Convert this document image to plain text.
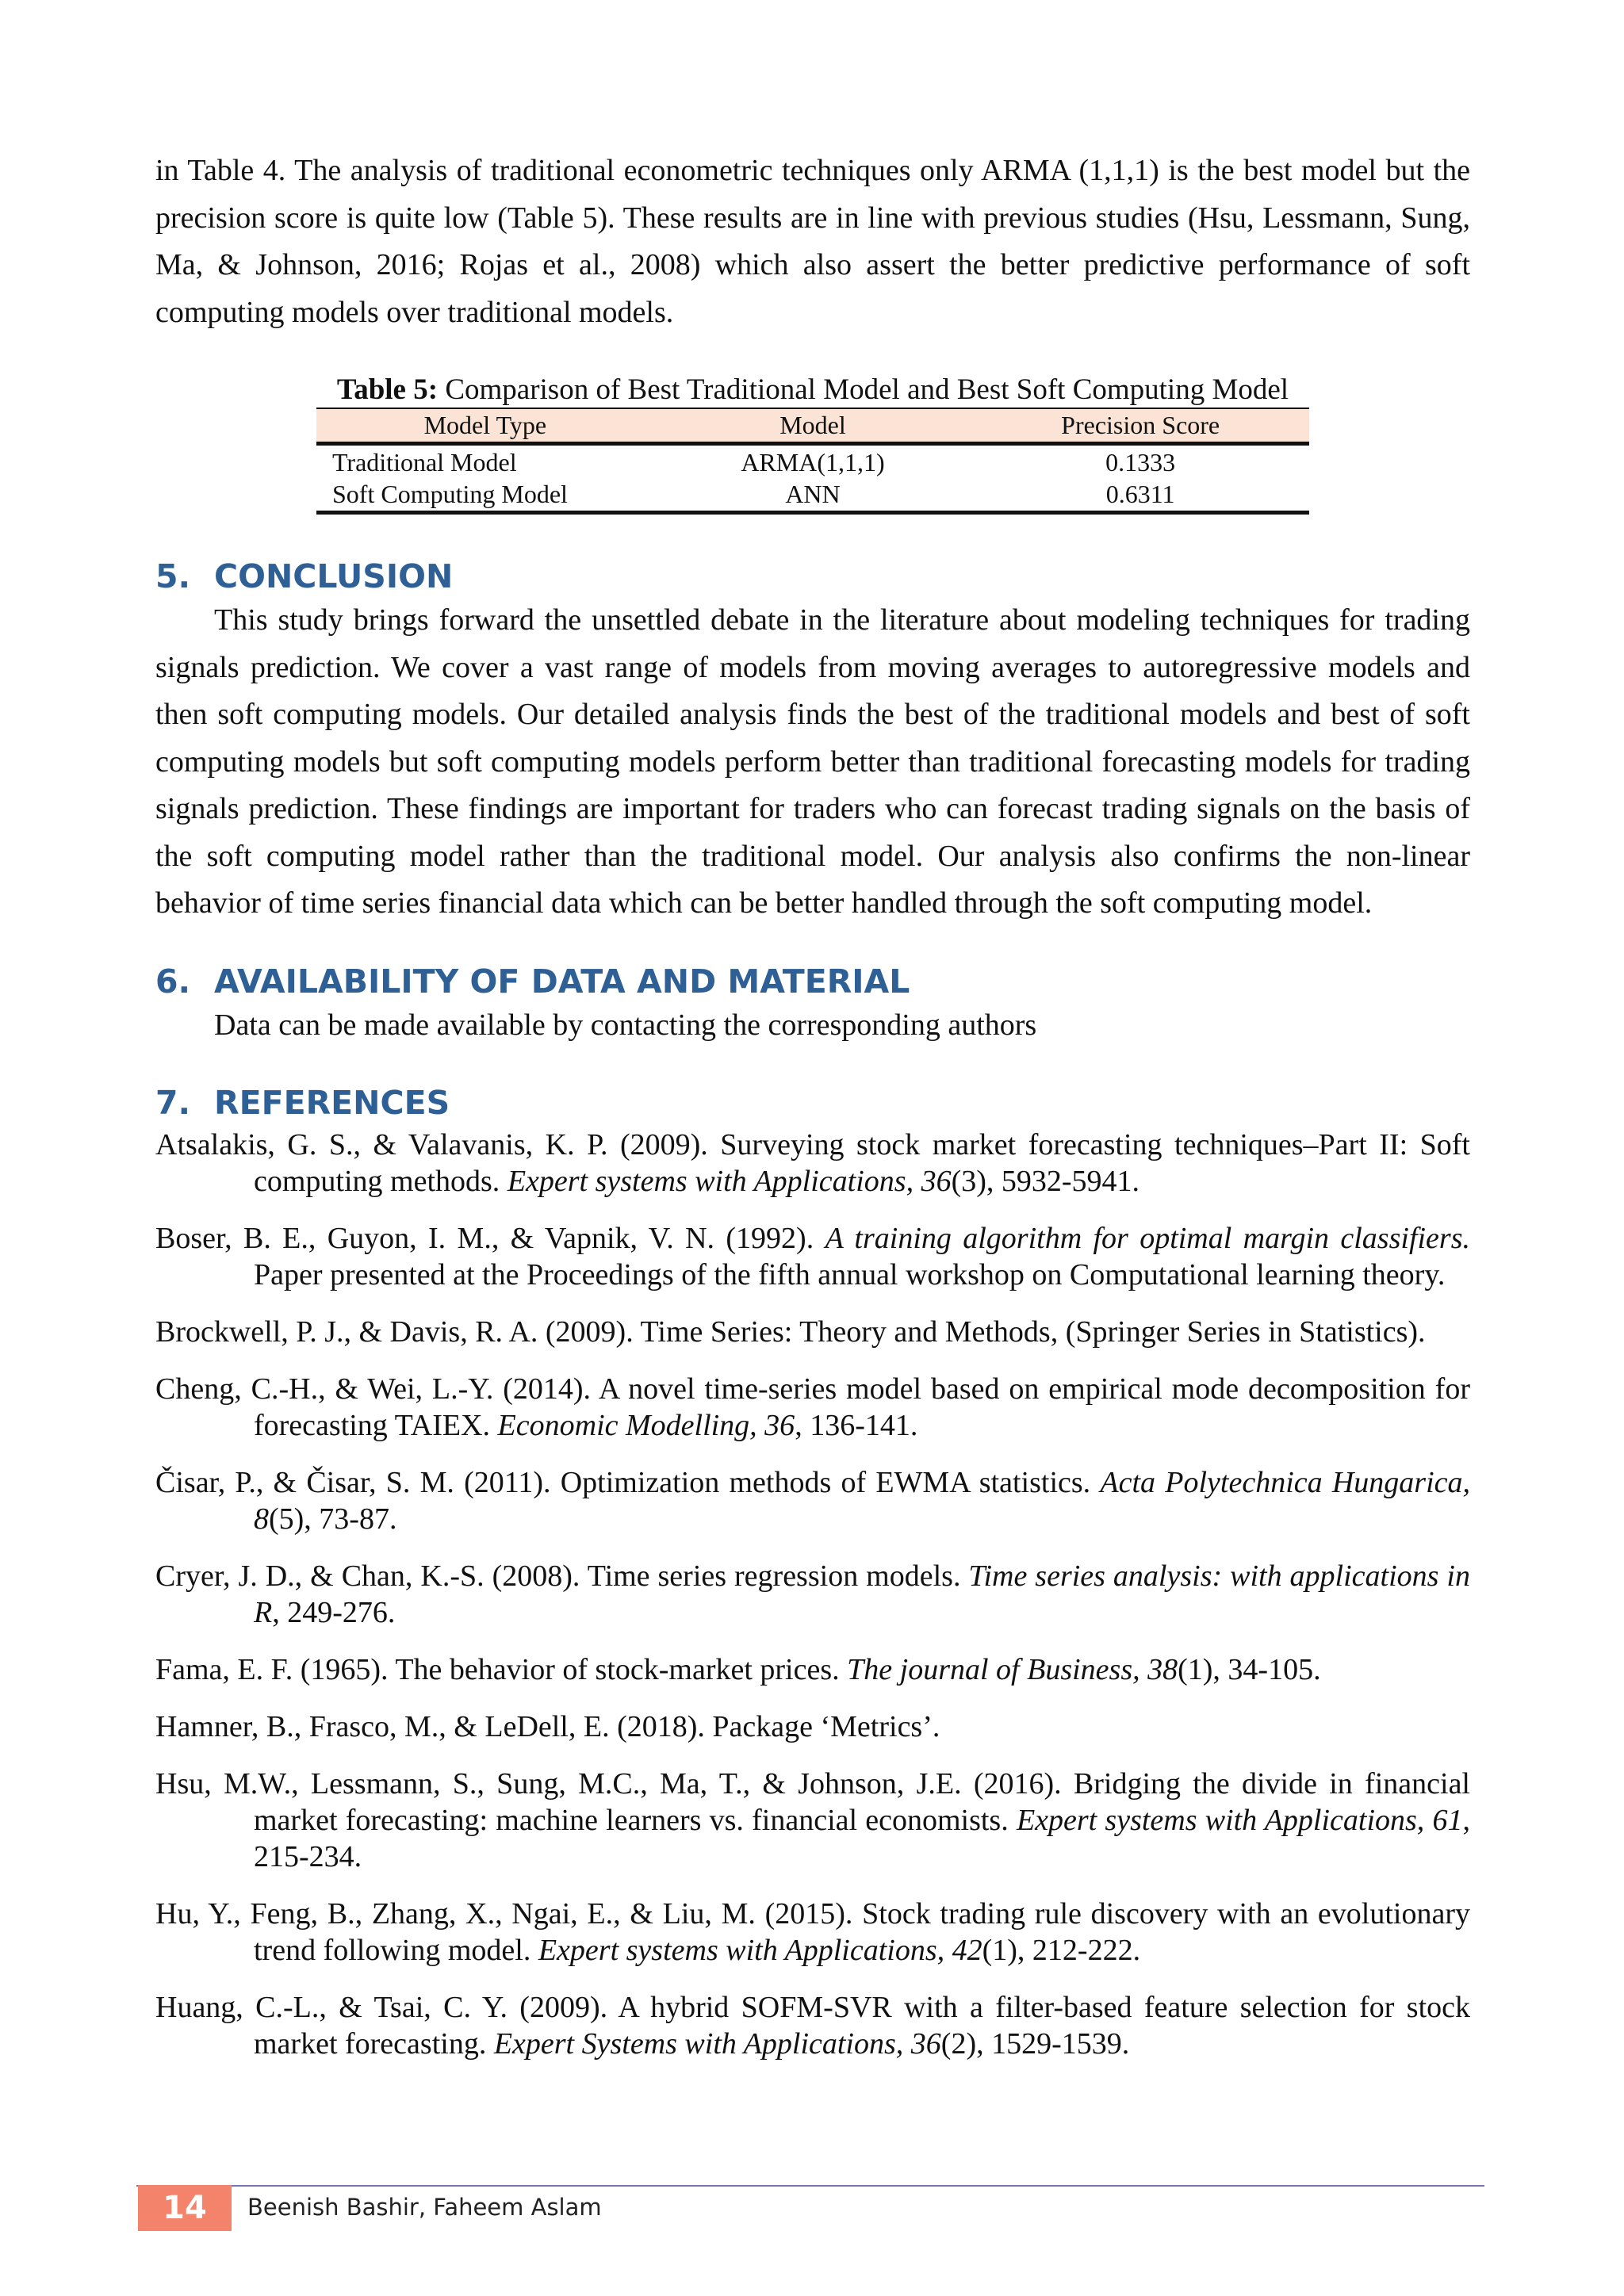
in Table 4. The analysis of traditional econometric techniques only ARMA (1,1,1) is the best model but the precision score is quite low (Table 5). These results are in line with previous studies (Hsu, Lessmann, Sung, Ma, & Johnson, 2016; Rojas et al., 2008) which also assert the better predictive performance of soft computing models over traditional models.

Table 5: Comparison of Best Traditional Model and Best Soft Computing Model

Model Type	Model	Precision Score
Traditional Model	ARMA(1,1,1)	0.1333
Soft Computing Model	ANN	0.6311
5. CONCLUSION

This study brings forward the unsettled debate in the literature about modeling techniques for trading signals prediction. We cover a vast range of models from moving averages to autoregressive models and then soft computing models. Our detailed analysis finds the best of the traditional models and best of soft computing models but soft computing models perform better than traditional forecasting models for trading signals prediction. These findings are important for traders who can forecast trading signals on the basis of the soft computing model rather than the traditional model. Our analysis also confirms the non-linear behavior of time series financial data which can be better handled through the soft computing model.

6. AVAILABILITY OF DATA AND MATERIAL

Data can be made available by contacting the corresponding authors

7. REFERENCES

Atsalakis, G. S., & Valavanis, K. P. (2009). Surveying stock market forecasting techniques–Part II: Soft computing methods. Expert systems with Applications, 36(3), 5932-5941.

Boser, B. E., Guyon, I. M., & Vapnik, V. N. (1992). A training algorithm for optimal margin classifiers. Paper presented at the Proceedings of the fifth annual workshop on Computational learning theory.

Brockwell, P. J., & Davis, R. A. (2009). Time Series: Theory and Methods, (Springer Series in Statistics).

Cheng, C.-H., & Wei, L.-Y. (2014). A novel time-series model based on empirical mode decomposition for forecasting TAIEX. Economic Modelling, 36, 136-141.

Čisar, P., & Čisar, S. M. (2011). Optimization methods of EWMA statistics. Acta Polytechnica Hungarica, 8(5), 73-87.

Cryer, J. D., & Chan, K.-S. (2008). Time series regression models. Time series analysis: with applications in R, 249-276.

Fama, E. F. (1965). The behavior of stock-market prices. The journal of Business, 38(1), 34-105.

Hamner, B., Frasco, M., & LeDell, E. (2018). Package ‘Metrics’.

Hsu, M.W., Lessmann, S., Sung, M.C., Ma, T., & Johnson, J.E. (2016). Bridging the divide in financial market forecasting: machine learners vs. financial economists. Expert systems with Applications, 61, 215-234.

Hu, Y., Feng, B., Zhang, X., Ngai, E., & Liu, M. (2015). Stock trading rule discovery with an evolutionary trend following model. Expert systems with Applications, 42(1), 212-222.

Huang, C.-L., & Tsai, C. Y. (2009). A hybrid SOFM-SVR with a filter-based feature selection for stock market forecasting. Expert Systems with Applications, 36(2), 1529-1539.

14	Beenish Bashir, Faheem Aslam
